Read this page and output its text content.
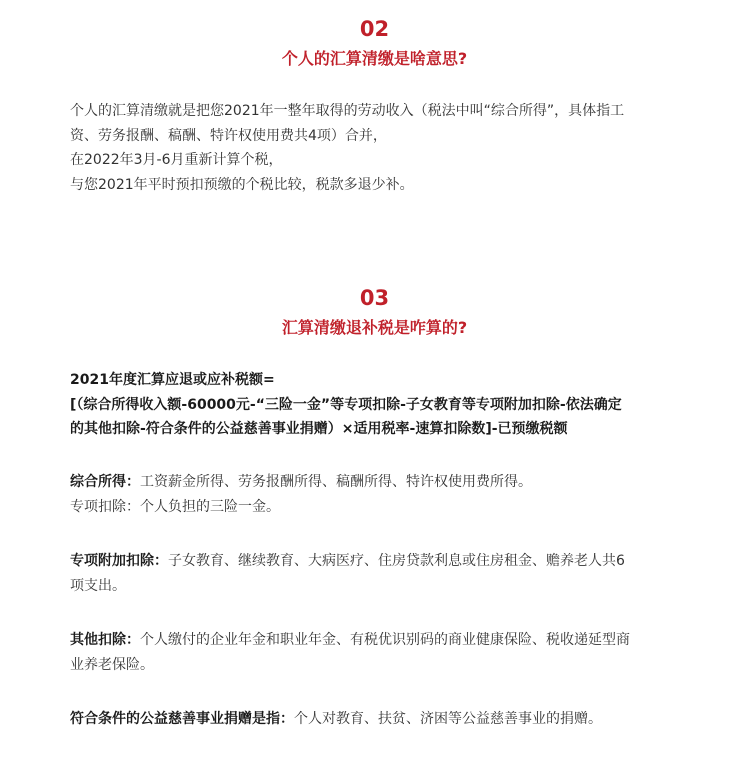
02
个人的汇算清缴是啥意思?
个人的汇算清缴就是把您2021年一整年取得的劳动收入（税法中叫“综合所得”，具体指工
资、劳务报酬、稿酬、特许权使用费共4项）合并，
在2022年3月-6月重新计算个税，
与您2021年平时预扣预缴的个税比较，税款多退少补。
03
汇算清缴退补税是咋算的?
2021年度汇算应退或应补税额=
[（综合所得收入额-60000元-“三险一金”等专项扣除-子女教育等专项附加扣除-依法确定
的其他扣除-符合条件的公益慈善事业捐赠）×适用税率-速算扣除数]-已预缴税额
综合所得：工资薪金所得、劳务报酬所得、稿酬所得、特许权使用费所得。
专项扣除：个人负担的三险一金。
专项附加扣除：子女教育、继续教育、大病医疗、住房贷款利息或住房租金、赡养老人共6
项支出。
其他扣除：个人缴付的企业年金和职业年金、有税优识别码的商业健康保险、税收递延型商
业养老保险。
符合条件的公益慈善事业捐赠是指：个人对教育、扶贫、济困等公益慈善事业的捐赠。
